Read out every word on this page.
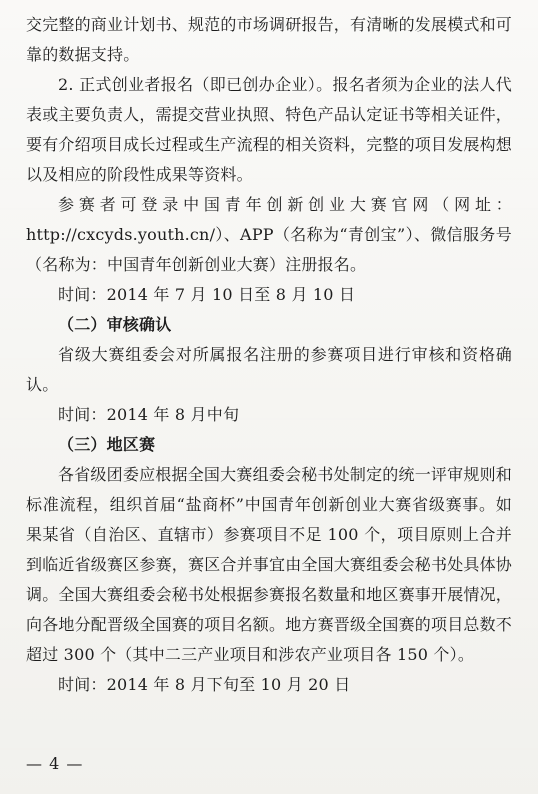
交完整的商业计划书、规范的市场调研报告，有清晰的发展模式和可靠的数据支持。

2. 正式创业者报名（即已创办企业）。报名者须为企业的法人代表或主要负责人，需提交营业执照、特色产品认定证书等相关证件，要有介绍项目成长过程或生产流程的相关资料，完整的项目发展构想以及相应的阶段性成果等资料。

参赛者可登录中国青年创新创业大赛官网（网址：http://cxcyds.youth.cn/）、APP（名称为“青创宝”）、微信服务号（名称为：中国青年创新创业大赛）注册报名。

时间：2014 年 7 月 10 日至 8 月 10 日

（二）审核确认

省级大赛组委会对所属报名注册的参赛项目进行审核和资格确认。

时间：2014 年 8 月中旬

（三）地区赛

各省级团委应根据全国大赛组委会秘书处制定的统一评审规则和标准流程，组织首届“盐商杯”中国青年创新创业大赛省级赛事。如果某省（自治区、直辖市）参赛项目不足 100 个，项目原则上合并到临近省级赛区参赛，赛区合并事宜由全国大赛组委会秘书处具体协调。全国大赛组委会秘书处根据参赛报名数量和地区赛事开展情况，向各地分配晋级全国赛的项目名额。地方赛晋级全国赛的项目总数不超过 300 个（其中二三产业项目和涉农产业项目各 150 个）。

时间：2014 年 8 月下旬至 10 月 20 日

— 4 —
